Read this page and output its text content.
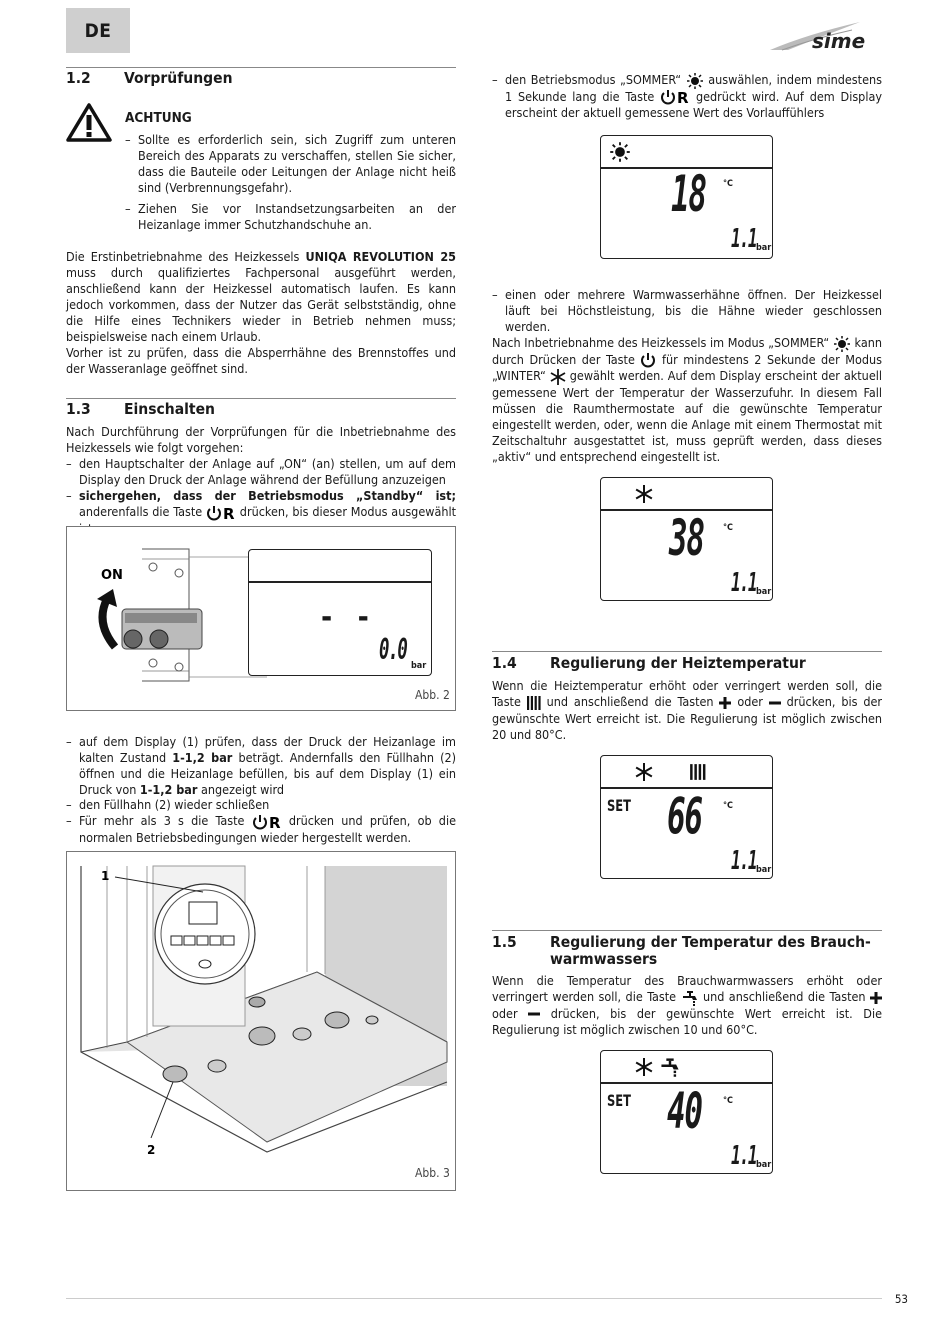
DE	sime
1.2 Vorprüfungen
ACHTUNG
– Sollte es erforderlich sein, sich Zugriff zum unteren Bereich des Apparats zu verschaffen, stellen Sie sicher, dass die Bauteile oder Leitungen der Anlage nicht heiß sind (Verbrennungsgefahr).
– Ziehen Sie vor Instandsetzungsarbeiten an der Heizanlage immer Schutzhandschuhe an.

Die Erstinbetriebnahme des Heizkessels UNIQA REVOLUTION 25 muss durch qualifiziertes Fachpersonal ausgeführt werden, anschließend kann der Heizkessel automatisch laufen. Es kann jedoch vorkommen, dass der Nutzer das Gerät selbstständig, ohne die Hilfe eines Technikers wieder in Betrieb nehmen muss; beispielsweise nach einem Urlaub.

Vorher ist zu prüfen, dass die Absperrhähne des Brennstoffes und der Wasseranlage geöffnet sind.

1.3 Einschalten
Nach Durchführung der Vorprüfungen für die Inbetriebnahme des Heizkessels wie folgt vorgehen:
– den Hauptschalter der Anlage auf „ON“ (an) stellen, um auf dem Display den Druck der Anlage während der Befüllung anzuzeigen
– sichergehen, dass der Betriebsmodus „Standby“ ist; anderenfalls die Taste R drücken, bis dieser Modus ausgewählt
ON
- -
0.0 bar
Abb. 2
– auf dem Display (1) prüfen, dass der Druck der Heizanlage im kalten Zustand 1-1,2 bar beträgt. Andernfalls den Füllhahn (2) öffnen und die Heizanlage befüllen, bis auf dem Display (1) ein Druck von 1-1,2 bar angezeigt wird
– den Füllhahn (2) wieder schließen
– Für mehr als 3 s die Taste R drücken und prüfen, ob die normalen Betriebsbedingungen wieder hergestellt werden.
1
2
Abb. 3
– den Betriebsmodus „SOMMER“  auswählen, indem mindestens 1 Sekunde lang die Taste R gedrückt wird. Auf dem Display erscheint der aktuell gemessene Wert des Vorlauffühlers
18 °C
1.1 bar
– einen oder mehrere Warmwasserhähne öffnen. Der Heizkessel läuft bei Höchstleistung, bis die Hähne wieder geschlossen werden.
Nach Inbetriebnahme des Heizkessels im Modus „SOMMER“  kann durch Drücken der Taste  für mindestens 2 Sekunde der Modus „WINTER“  gewählt werden. Auf dem Display erscheint der aktuell gemessene Wert der Temperatur der Wasserzufuhr. In diesem Fall müssen die Raumthermostate auf die gewünschte Temperatur eingestellt werden, oder, wenn die Anlage mit einem Thermostat mit Zeitschaltuhr ausgestattet ist, muss geprüft werden, dass dieses „aktiv“ und entsprechend eingestellt ist.
38 °C
1.1 bar
1.4 Regulierung der Heiztemperatur
Wenn die Heiztemperatur erhöht oder verringert werden soll, die Taste  und anschließend die Tasten  oder  drücken, bis der gewünschte Wert erreicht ist. Die Regulierung ist möglich zwischen 20 und 80°C.
SET 66 °C
1.1 bar
1.5 Regulierung der Temperatur des Brauch-
warmwassers
Wenn die Temperatur des Brauchwarmwassers erhöht oder verringert werden soll, die Taste  und anschließend die Tasten  oder  drücken, bis der gewünschte Wert erreicht ist. Die Regulierung ist möglich zwischen 10 und 60°C.
SET 40 °C
1.1 bar
53
